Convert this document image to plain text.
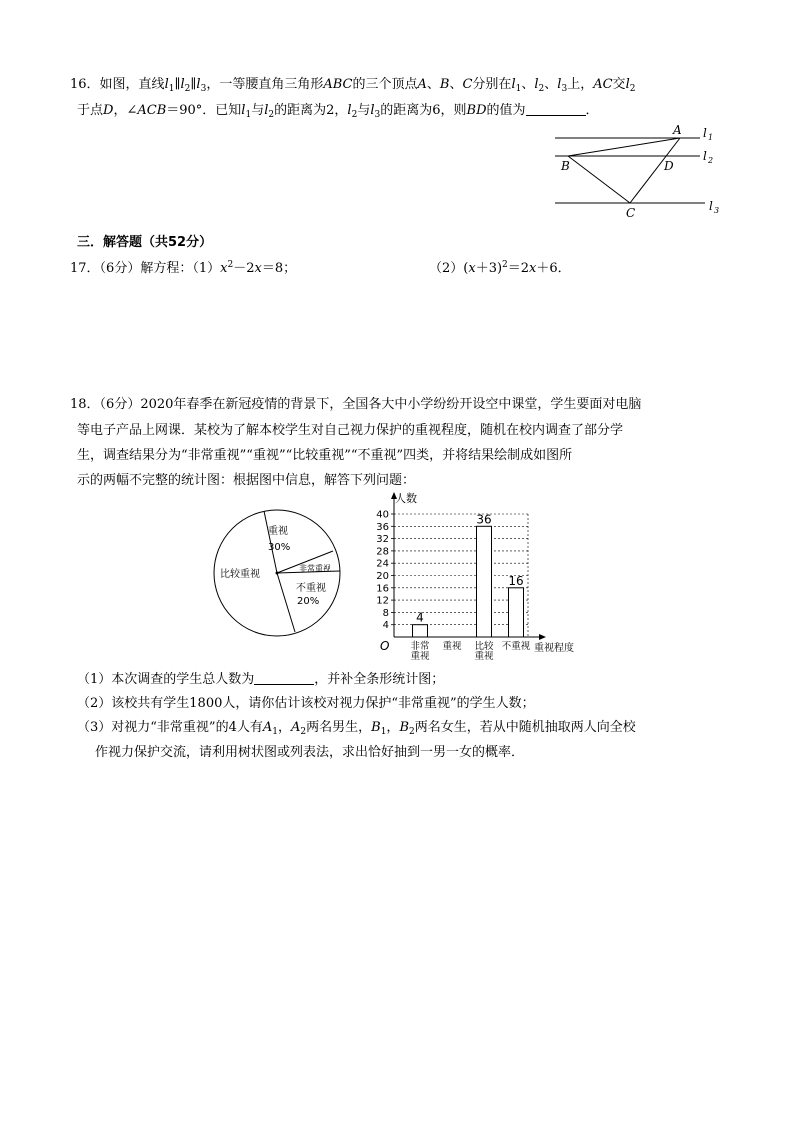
16．如图，直线$l_1\parallel l_2\parallel l_3$，一等腰直角三角形ABC的三个顶点A、B、C分别在$l_1$、$l_2$、$l_3$上，AC交$l_2$
于点D，∠ACB＝90°．已知$l_1$与$l_2$的距离为2，$l_2$与$l_3$的距离为6，则BD的值为	．
A
B	D
C
l 1
l 2
l 3
三．解答题（共52分）
17．（6分）解方程：$(1)x^2-2x=8$；	$(2)(x+3)^2=2x+6$．
18．（6分）2020年春季在新冠疫情的背景下，全国各大中小学纷纷开设空中课堂，学生要面对电脑
等电子产品上网课．某校为了解本校学生对自己视力保护的重视程度，随机在校内调查了部分学
生，调查结果分为“非常重视”“重视”“比较重视”“不重视”四类，并将结果绘制成如图所
示的两幅不完整的统计图：根据图中信息，解答下列问题：
重视
30%
比较重视
非常重视
不重视
20%
人数
重视程度
O
4
8
12
16
20
24
28
32
36
40
4
36
16
非常
重视
重视 比较
重视
不重视
（1）本次调查的学生总人数为	，并补全条形统计图；
（2）该校共有学生1800人，请你估计该校对视力保护“非常重视”的学生人数；
（3）对视力“非常重视”的4人有$A_1$，$A_2$两名男生，$B_1$，$B_2$两名女生，若从中随机抽取两人向全校
作视力保护交流，请利用树状图或列表法，求出恰好抽到一男一女的概率．
